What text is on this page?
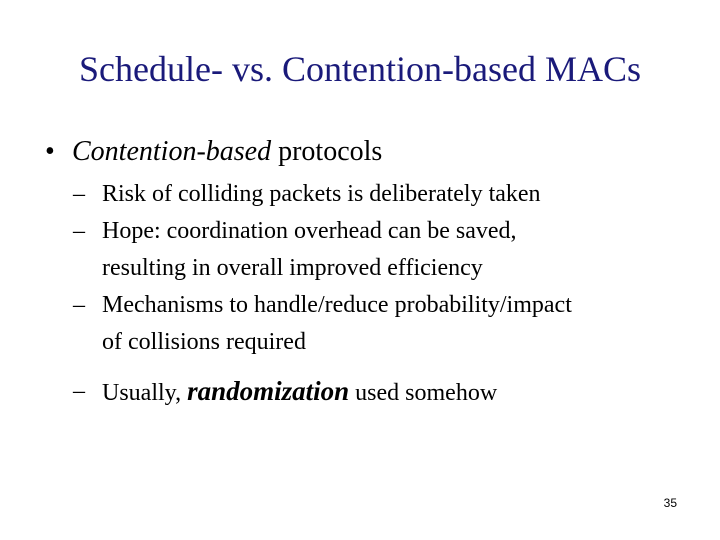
Schedule- vs. Contention-based MACs
• Contention-based protocols
– Risk of colliding packets is deliberately taken
– Hope: coordination overhead can be saved,
resulting in overall improved efficiency
– Mechanisms to handle/reduce probability/impact
of collisions required
– Usually, randomization used somehow
35
